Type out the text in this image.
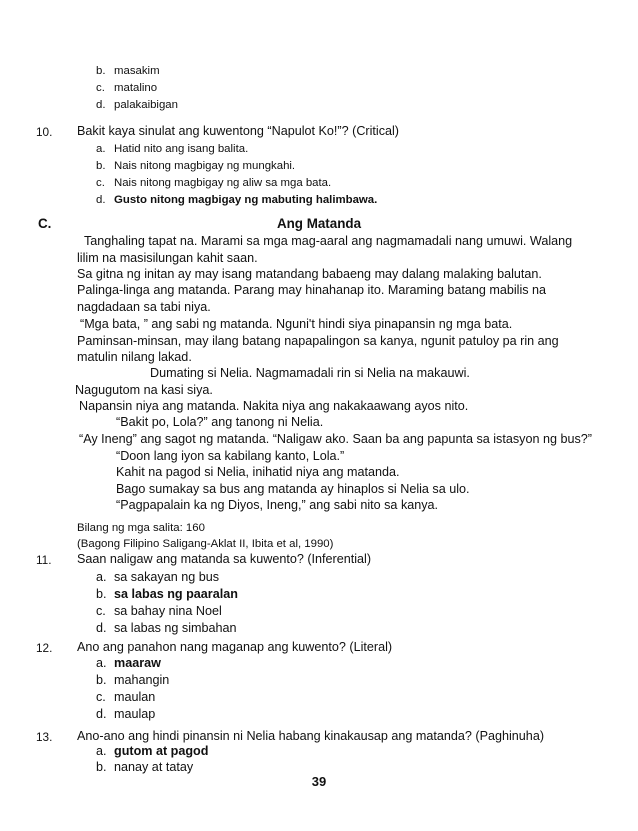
b. masakim
c. matalino
d. palakaibigan
10. Bakit kaya sinulat ang kuwentong “Napulot Ko!”? (Critical)
a. Hatid nito ang isang balita.
b. Nais nitong magbigay ng mungkahi.
c. Nais nitong magbigay ng aliw sa mga bata.
d. Gusto nitong magbigay ng mabuting halimbawa.
C.	Ang Matanda
Tanghaling tapat na. Marami sa mga mag-aaral ang nagmamadali nang umuwi. Walang
lilim na masisilungan kahit saan.
Sa gitna ng initan ay may isang matandang babaeng may dalang malaking balutan.
Palinga-linga ang matanda. Parang may hinahanap ito. Maraming batang mabilis na
nagdadaan sa tabi niya.
“Mga bata, ” ang sabi ng matanda. Nguni't hindi siya pinapansin ng mga bata.
Paminsan-minsan, may ilang batang napapalingon sa kanya, ngunit patuloy pa rin ang
matulin nilang lakad.
Dumating si Nelia. Nagmamadali rin si Nelia na makauwi.
Nagugutom na kasi siya.
Napansin niya ang matanda. Nakita niya ang nakakaawang ayos nito.
“Bakit po, Lola?” ang tanong ni Nelia.
“Ay Ineng” ang sagot ng matanda. “Naligaw ako. Saan ba ang papunta sa istasyon ng bus?”
“Doon lang iyon sa kabilang kanto, Lola.”
Kahit na pagod si Nelia, inihatid niya ang matanda.
Bago sumakay sa bus ang matanda ay hinaplos si Nelia sa ulo.
“Pagpapalain ka ng Diyos, Ineng,” ang sabi nito sa kanya.
Bilang ng mga salita: 160
(Bagong Filipino Saligang-Aklat II, Ibita et al, 1990)
11. Saan naligaw ang matanda sa kuwento? (Inferential)
a. sa sakayan ng bus
b. sa labas ng paaralan
c. sa bahay nina Noel
d. sa labas ng simbahan
12. Ano ang panahon nang maganap ang kuwento? (Literal)
a. maaraw
b. mahangin
c. maulan
d. maulap
13. Ano-ano ang hindi pinansin ni Nelia habang kinakausap ang matanda? (Paghinuha)
a. gutom at pagod
b. nanay at tatay
39
